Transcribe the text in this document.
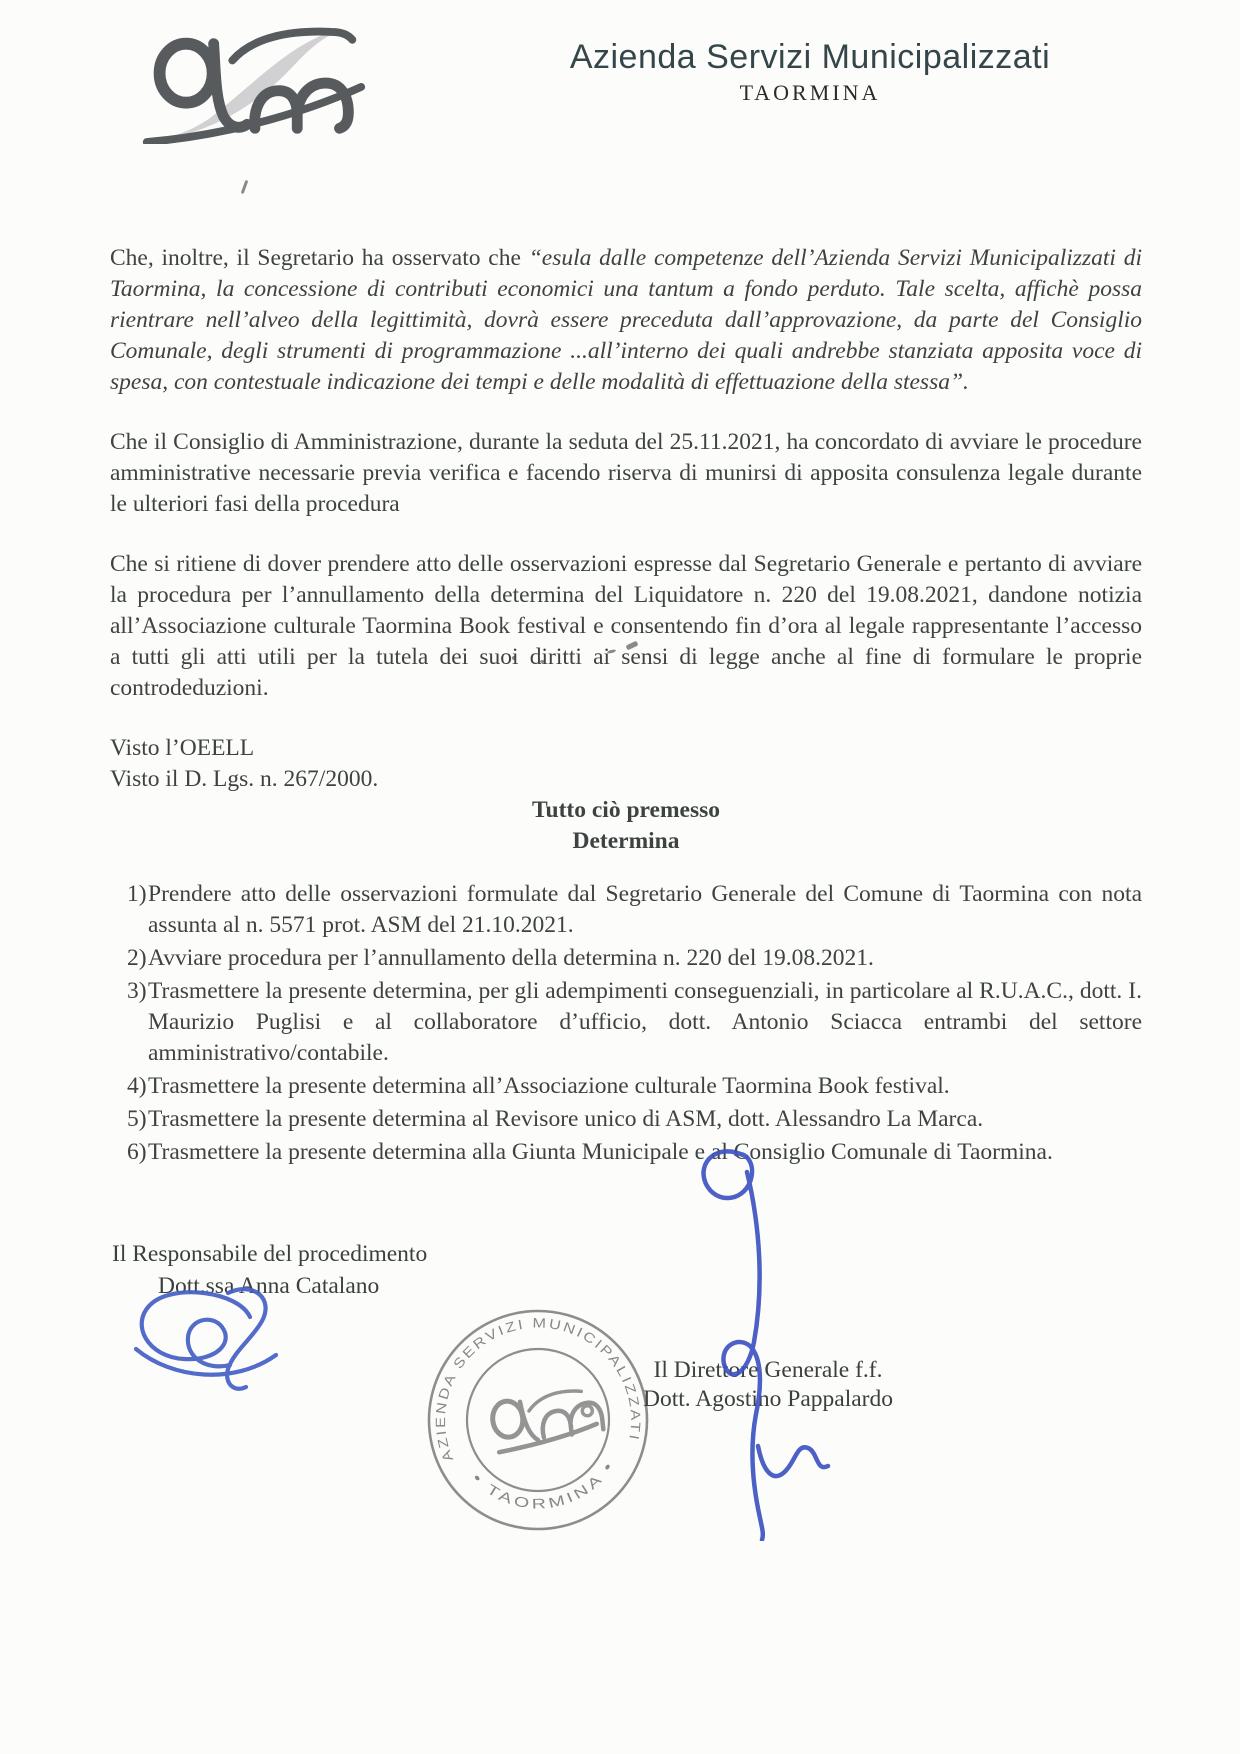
Azienda Servizi Municipalizzati
TAORMINA

Che, inoltre, il Segretario ha osservato che “esula dalle competenze dell’Azienda Servizi Municipalizzati di Taormina, la concessione di contributi economici una tantum a fondo perduto. Tale scelta, affichè possa rientrare nell’alveo della legittimità, dovrà essere preceduta dall’approvazione, da parte del Consiglio Comunale, degli strumenti di programmazione ...all’interno dei quali andrebbe stanziata apposita voce di spesa, con contestuale indicazione dei tempi e delle modalità di effettuazione della stessa”.

Che il Consiglio di Amministrazione, durante la seduta del 25.11.2021, ha concordato di avviare le procedure amministrative necessarie previa verifica e facendo riserva di munirsi di apposita consulenza legale durante le ulteriori fasi della procedura

Che si ritiene di dover prendere atto delle osservazioni espresse dal Segretario Generale e pertanto di avviare la procedura per l’annullamento della determina del Liquidatore n. 220 del 19.08.2021, dandone notizia all’Associazione culturale Taormina Book festival e consentendo fin d’ora al legale rappresentante l’accesso a tutti gli atti utili per la tutela dei suoi diritti ai sensi di legge anche al fine di formulare le proprie controdeduzioni.

Visto l’OEELL
Visto il D. Lgs. n. 267/2000.
Tutto ciò premesso
Determina
1) Prendere atto delle osservazioni formulate dal Segretario Generale del Comune di Taormina con nota assunta al n. 5571 prot. ASM del 21.10.2021.
2) Avviare procedura per l’annullamento della determina n. 220 del 19.08.2021.
3) Trasmettere la presente determina, per gli adempimenti conseguenziali, in particolare al R.U.A.C., dott. I. Maurizio Puglisi e al collaboratore d’ufficio, dott. Antonio Sciacca entrambi del settore amministrativo/contabile.
4) Trasmettere la presente determina all’Associazione culturale Taormina Book festival.
5) Trasmettere la presente determina al Revisore unico di ASM, dott. Alessandro La Marca.
6) Trasmettere la presente determina alla Giunta Municipale e al Consiglio Comunale di Taormina.
Il Responsabile del procedimento
Dott.ssa Anna Catalano
AZIENDA SERVIZI MUNICIPALIZZATI
• TAORMINA •
Il Direttore Generale f.f.
Dott. Agostino Pappalardo
